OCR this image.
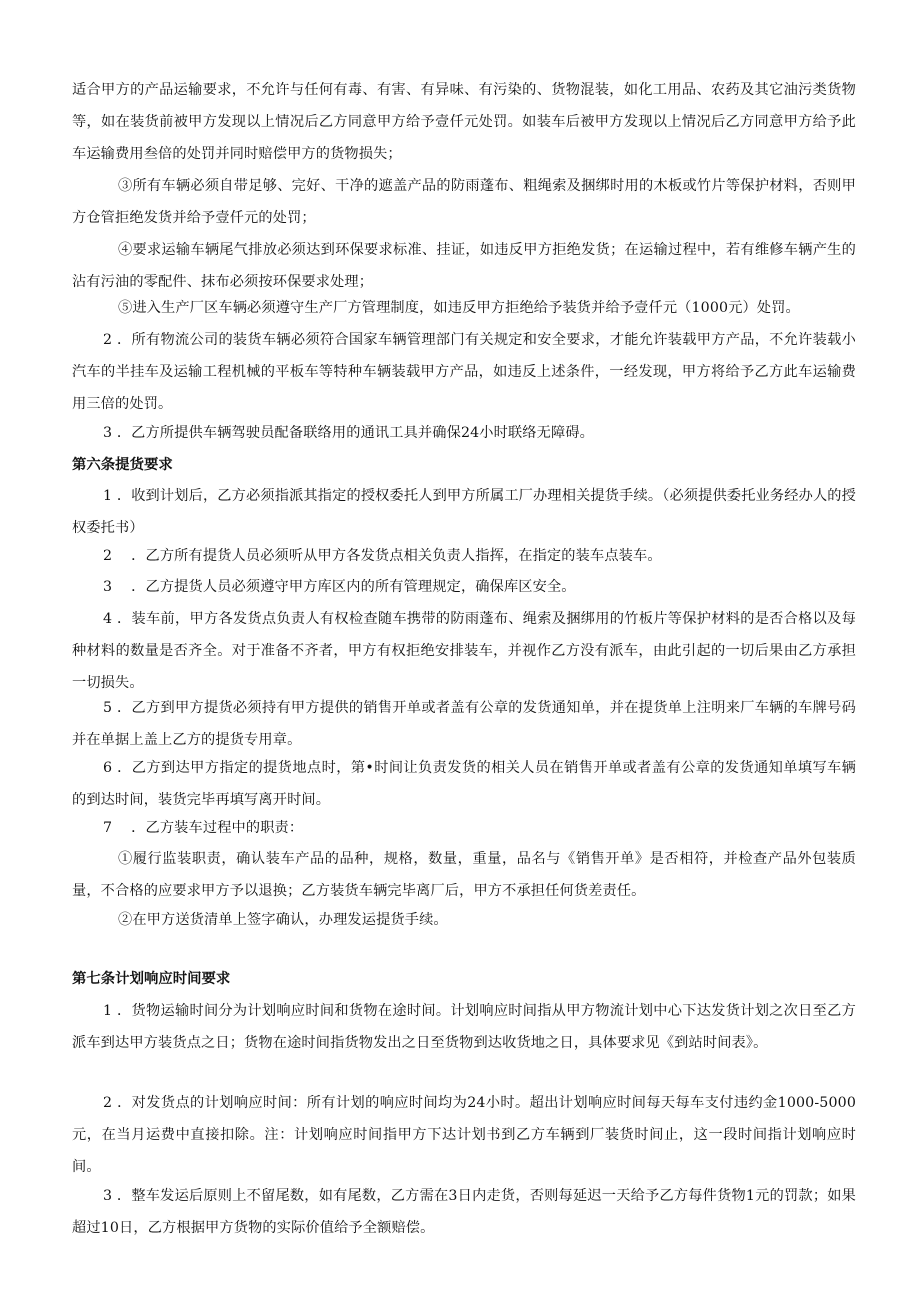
适合甲方的产品运输要求，不允许与任何有毒、有害、有异味、有污染的、货物混装，如化工用品、农药及其它油污类货物等，如在装货前被甲方发现以上情况后乙方同意甲方给予壹仟元处罚。如装车后被甲方发现以上情况后乙方同意甲方给予此车运输费用叁倍的处罚并同时赔偿甲方的货物损失；

③所有车辆必须自带足够、完好、干净的遮盖产品的防雨蓬布、粗绳索及捆绑时用的木板或竹片等保护材料，否则甲方仓管拒绝发货并给予壹仟元的处罚；

④要求运输车辆尾气排放必须达到环保要求标准、挂证，如违反甲方拒绝发货；在运输过程中，若有维修车辆产生的沾有污油的零配件、抹布必须按环保要求处理；

⑤进入生产厂区车辆必须遵守生产厂方管理制度，如违反甲方拒绝给予装货并给予壹仟元（1000元）处罚。

2 ．所有物流公司的装货车辆必须符合国家车辆管理部门有关规定和安全要求，才能允许装载甲方产品，不允许装载小汽车的半挂车及运输工程机械的平板车等特种车辆装载甲方产品，如违反上述条件，一经发现，甲方将给予乙方此车运输费用三倍的处罚。

3 ．乙方所提供车辆驾驶员配备联络用的通讯工具并确保24小时联络无障碍。

第六条提货要求

1 ．收到计划后，乙方必须指派其指定的授权委托人到甲方所属工厂办理相关提货手续。（必须提供委托业务经办人的授权委托书）

2 　．乙方所有提货人员必须听从甲方各发货点相关负责人指挥，在指定的装车点装车。

3 　．乙方提货人员必须遵守甲方库区内的所有管理规定，确保库区安全。

4 ．装车前，甲方各发货点负责人有权检查随车携带的防雨蓬布、绳索及捆绑用的竹板片等保护材料的是否合格以及每种材料的数量是否齐全。对于准备不齐者，甲方有权拒绝安排装车，并视作乙方没有派车，由此引起的一切后果由乙方承担一切损失。

5 ．乙方到甲方提货必须持有甲方提供的销售开单或者盖有公章的发货通知单，并在提货单上注明来厂车辆的车牌号码并在单据上盖上乙方的提货专用章。

6 ．乙方到达甲方指定的提货地点时，第•时间让负责发货的相关人员在销售开单或者盖有公章的发货通知单填写车辆的到达时间，装货完毕再填写离开时间。

7 　．乙方装车过程中的职责：

①履行监装职责，确认装车产品的品种，规格，数量，重量，品名与《销售开单》是否相符，并检查产品外包装质量，不合格的应要求甲方予以退换；乙方装货车辆完毕离厂后，甲方不承担任何货差责任。

②在甲方送货清单上签字确认，办理发运提货手续。

第七条计划响应时间要求

1 ．货物运输时间分为计划响应时间和货物在途时间。计划响应时间指从甲方物流计划中心下达发货计划之次日至乙方派车到达甲方装货点之日；货物在途时间指货物发出之日至货物到达收货地之日，具体要求见《到站时间表》。

2 ．对发货点的计划响应时间：所有计划的响应时间均为24小时。超出计划响应时间每天每车支付违约金1000-5000元，在当月运费中直接扣除。注：计划响应时间指甲方下达计划书到乙方车辆到厂装货时间止，这一段时间指计划响应时间。

3 ．整车发运后原则上不留尾数，如有尾数，乙方需在3日内走货，否则每延迟一天给予乙方每件货物1元的罚款；如果超过10日，乙方根据甲方货物的实际价值给予全额赔偿。
